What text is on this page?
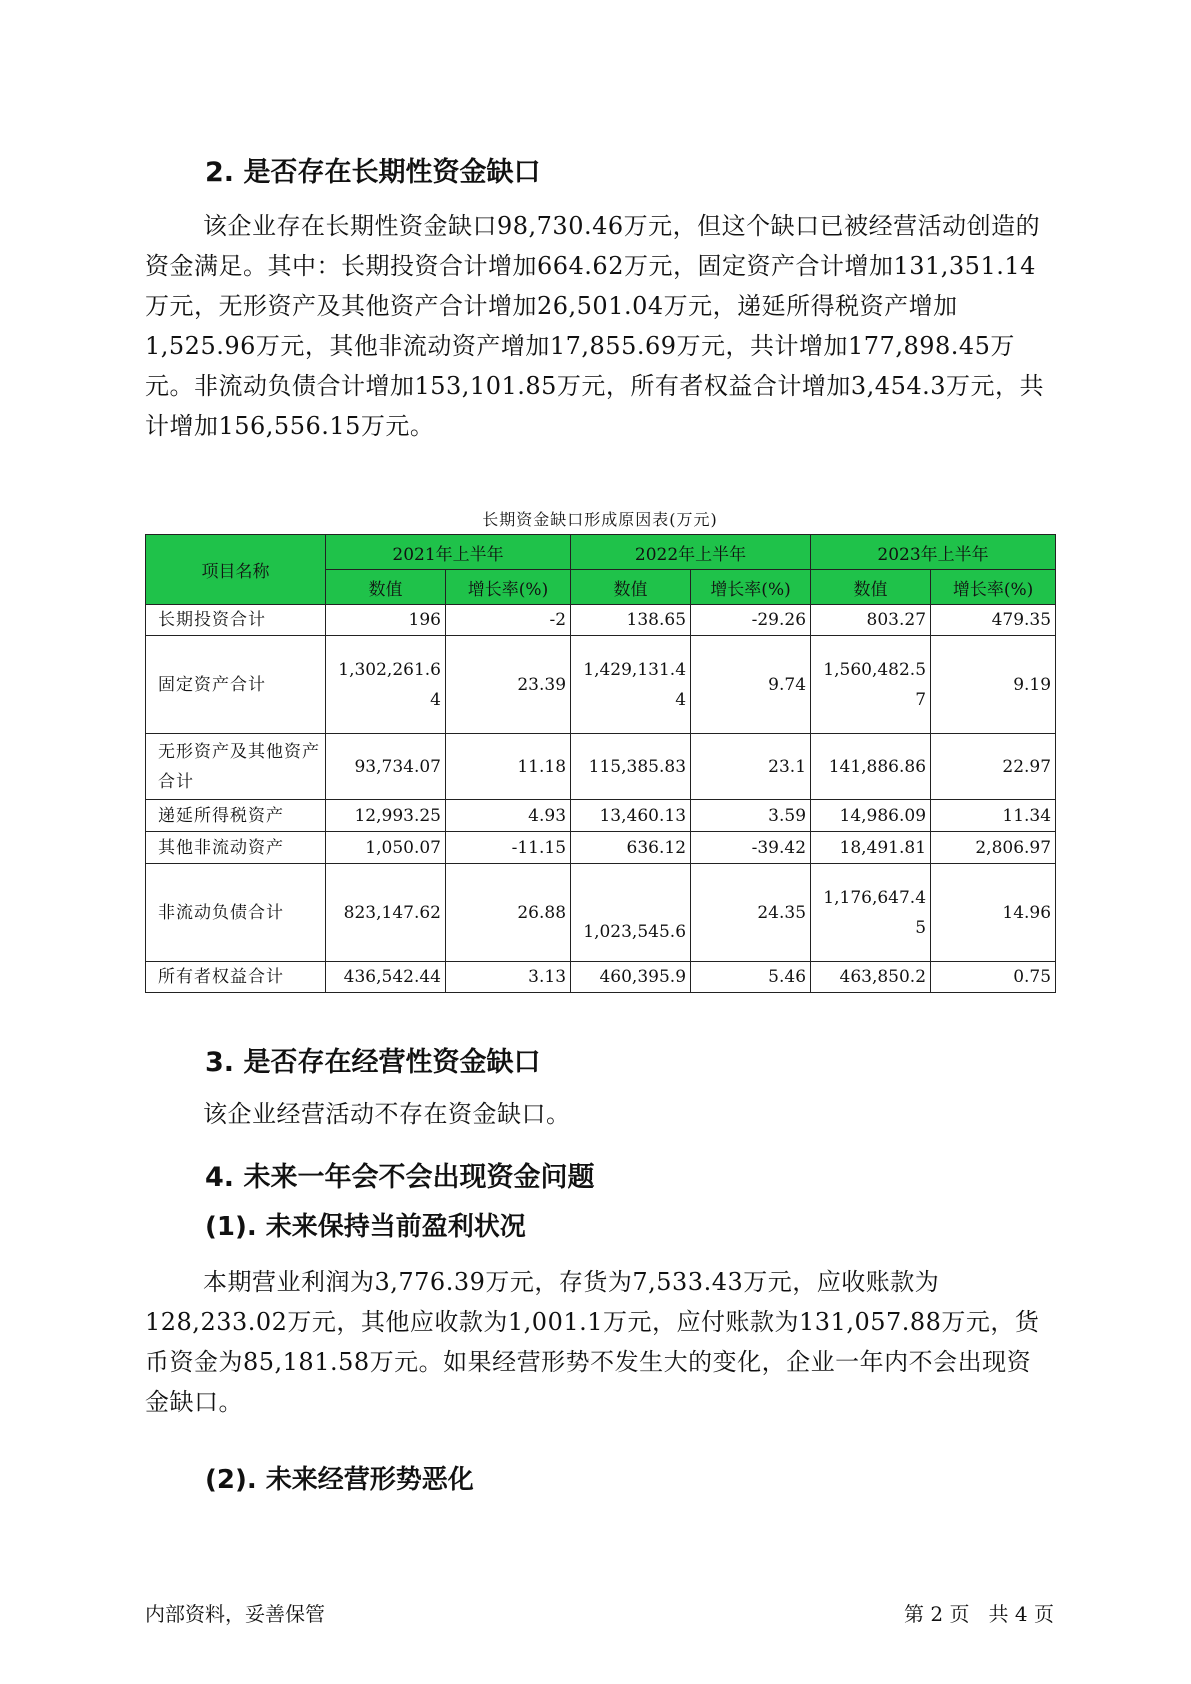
2. 是否存在长期性资金缺口

该企业存在长期性资金缺口98,730.46万元，但这个缺口已被经营活动创造的资金满足。其中：长期投资合计增加664.62万元，固定资产合计增加131,351.14万元，无形资产及其他资产合计增加26,501.04万元，递延所得税资产增加1,525.96万元，其他非流动资产增加17,855.69万元，共计增加177,898.45万元。非流动负债合计增加153,101.85万元，所有者权益合计增加3,454.3万元，共计增加156,556.15万元。

长期资金缺口形成原因表(万元)
项目名称	2021年上半年		2022年上半年		2023年上半年	
	数值	增长率(%)	数值	增长率(%)	数值	增长率(%)
长期投资合计	196	-2	138.65	-29.26	803.27	479.35
固定资产合计	1,302,261.64	23.39	1,429,131.44	9.74	1,560,482.57	9.19
无形资产及其他资产合计	93,734.07	11.18	115,385.83	23.1	141,886.86	22.97
递延所得税资产	12,993.25	4.93	13,460.13	3.59	14,986.09	11.34
其他非流动资产	1,050.07	-11.15	636.12	-39.42	18,491.81	2,806.97
非流动负债合计	823,147.62	26.88	1,023,545.6	24.35	1,176,647.45	14.96
所有者权益合计	436,542.44	3.13	460,395.9	5.46	463,850.2	0.75
3. 是否存在经营性资金缺口

该企业经营活动不存在资金缺口。

4. 未来一年会不会出现资金问题
(1). 未来保持当前盈利状况

本期营业利润为3,776.39万元，存货为7,533.43万元，应收账款为128,233.02万元，其他应收款为1,001.1万元，应付账款为131,057.88万元，货币资金为85,181.58万元。如果经营形势不发生大的变化，企业一年内不会出现资金缺口。

(2). 未来经营形势恶化
内部资料，妥善保管	第 2 页   共 4 页
